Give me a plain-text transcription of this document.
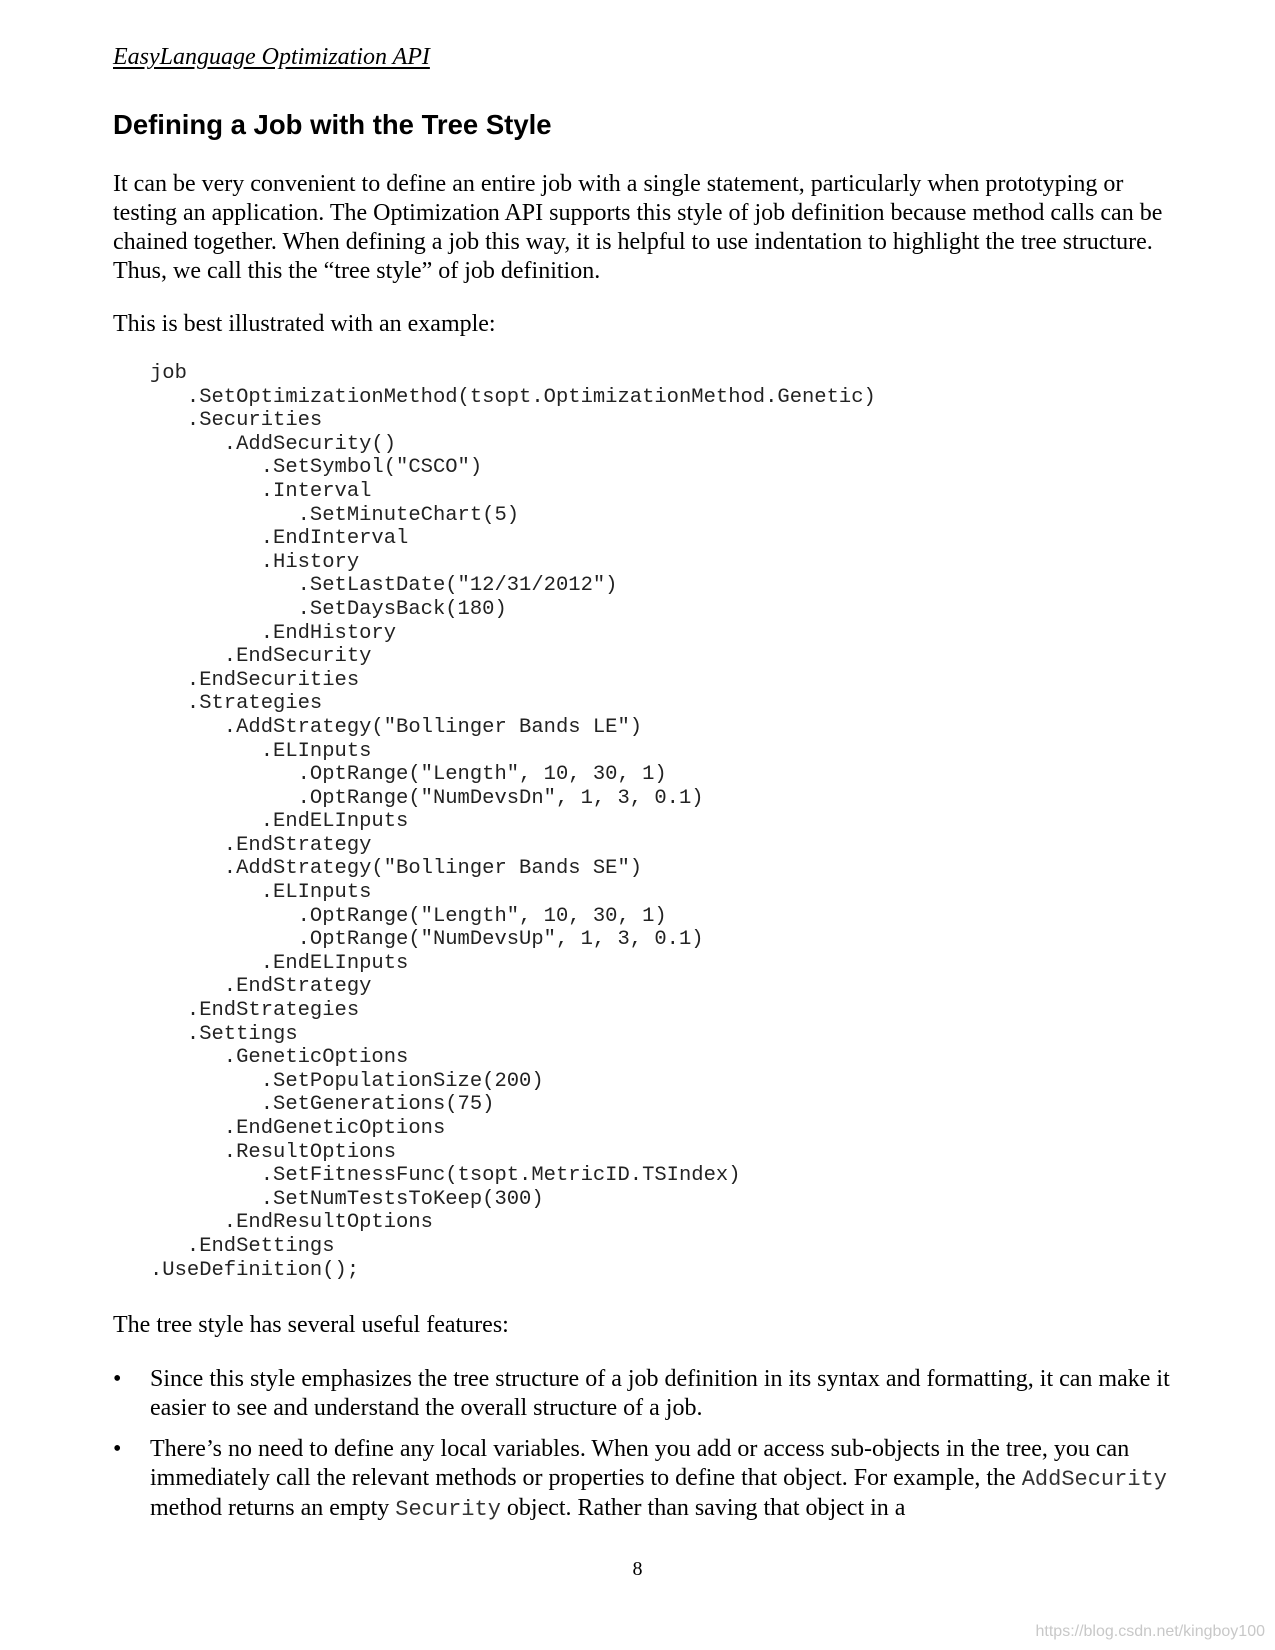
EasyLanguage Optimization API
Defining a Job with the Tree Style

It can be very convenient to define an entire job with a single statement, particularly when prototyping or testing an application. The Optimization API supports this style of job definition because method calls can be chained together. When defining a job this way, it is helpful to use indentation to highlight the tree structure. Thus, we call this the “tree style” of job definition.

This is best illustrated with an example:

job
.SetOptimizationMethod(tsopt.OptimizationMethod.Genetic)
.Securities
.AddSecurity()
.SetSymbol("CSCO")
.Interval
.SetMinuteChart(5)
.EndInterval
.History
.SetLastDate("12/31/2012")
.SetDaysBack(180)
.EndHistory
.EndSecurity
.EndSecurities
.Strategies
.AddStrategy("Bollinger Bands LE")
.ELInputs
.OptRange("Length", 10, 30, 1)
.OptRange("NumDevsDn", 1, 3, 0.1)
.EndELInputs
.EndStrategy
.AddStrategy("Bollinger Bands SE")
.ELInputs
.OptRange("Length", 10, 30, 1)
.OptRange("NumDevsUp", 1, 3, 0.1)
.EndELInputs
.EndStrategy
.EndStrategies
.Settings
.GeneticOptions
.SetPopulationSize(200)
.SetGenerations(75)
.EndGeneticOptions
.ResultOptions
.SetFitnessFunc(tsopt.MetricID.TSIndex)
.SetNumTestsToKeep(300)
.EndResultOptions
.EndSettings
.UseDefinition();

The tree style has several useful features:

• Since this style emphasizes the tree structure of a job definition in its syntax and formatting, it can make it easier to see and understand the overall structure of a job.
• There’s no need to define any local variables. When you add or access sub-objects in the tree, you can immediately call the relevant methods or properties to define that object. For example, the AddSecurity method returns an empty Security object. Rather than saving that object in a
8
https://blog.csdn.net/kingboy100
